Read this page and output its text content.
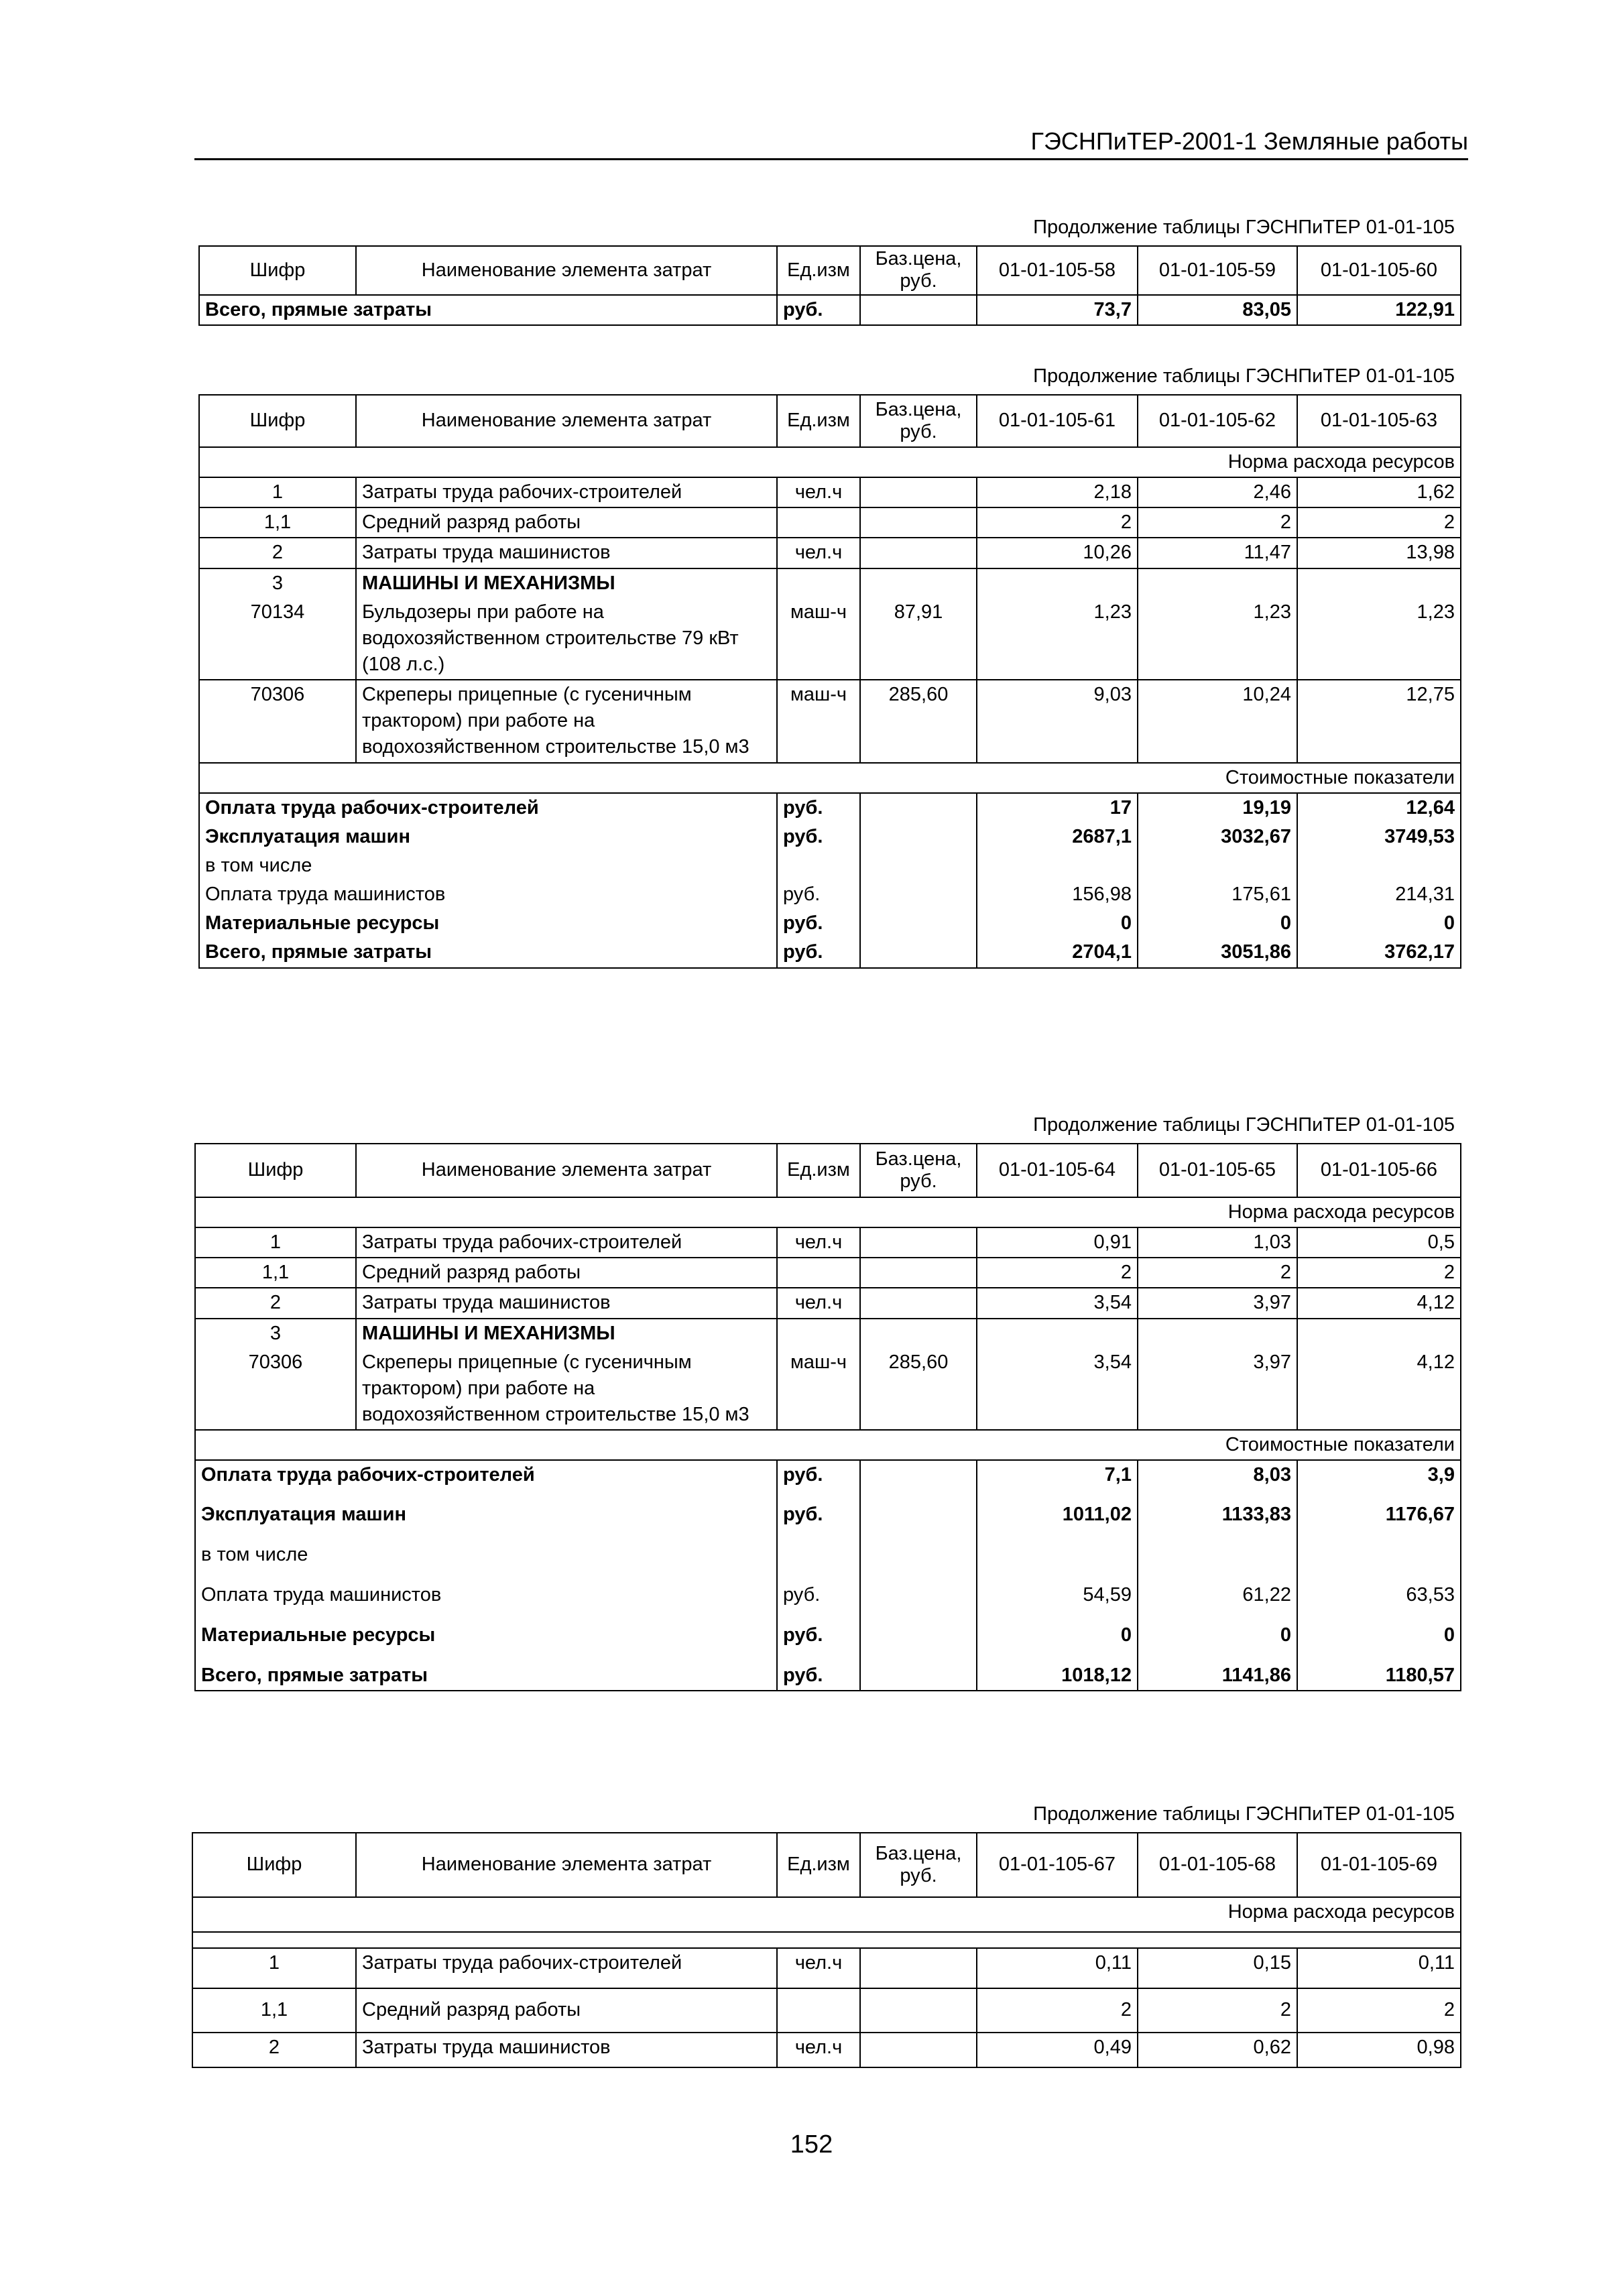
ГЭСНПиТЕР-2001-1 Земляные работы
Продолжение таблицы ГЭСНПиТЕР 01-01-105
Шифр	Наименование элемента затрат	Ед.изм	Баз.цена, руб.	01-01-105-58	01-01-105-59	01-01-105-60
Всего, прямые затраты		руб.		73,7	83,05	122,91
Продолжение таблицы ГЭСНПиТЕР 01-01-105
Шифр	Наименование элемента затрат	Ед.изм	Баз.цена, руб.	01-01-105-61	01-01-105-62	01-01-105-63
Норма расхода ресурсов						
1	Затраты труда рабочих-строителей	чел.ч		2,18	2,46	1,62
1,1	Средний разряд работы			2	2	2
2	Затраты труда машинистов	чел.ч		10,26	11,47	13,98
3	МАШИНЫ И МЕХАНИЗМЫ					
70134	Бульдозеры при работе на водохозяйственном строительстве 79 кВт (108 л.с.)	маш-ч	87,91	1,23	1,23	1,23
70306	Скреперы прицепные (с гусеничным трактором) при работе на водохозяйственном строительстве 15,0 м3	маш-ч	285,60	9,03	10,24	12,75
Стоимостные показатели						
Оплата труда рабочих-строителей		руб.		17	19,19	12,64
Эксплуатация машин		руб.		2687,1	3032,67	3749,53
в том числе						
Оплата труда машинистов		руб.		156,98	175,61	214,31
Материальные ресурсы		руб.		0	0	0
Всего, прямые затраты		руб.		2704,1	3051,86	3762,17
Продолжение таблицы ГЭСНПиТЕР 01-01-105
Шифр	Наименование элемента затрат	Ед.изм	Баз.цена, руб.	01-01-105-64	01-01-105-65	01-01-105-66
Норма расхода ресурсов						
1	Затраты труда рабочих-строителей	чел.ч		0,91	1,03	0,5
1,1	Средний разряд работы			2	2	2
2	Затраты труда машинистов	чел.ч		3,54	3,97	4,12
3	МАШИНЫ И МЕХАНИЗМЫ					
70306	Скреперы прицепные (с гусеничным трактором) при работе на водохозяйственном строительстве 15,0 м3	маш-ч	285,60	3,54	3,97	4,12
Стоимостные показатели						
Оплата труда рабочих-строителей		руб.		7,1	8,03	3,9
Эксплуатация машин		руб.		1011,02	1133,83	1176,67
в том числе						
Оплата труда машинистов		руб.		54,59	61,22	63,53
Материальные ресурсы		руб.		0	0	0
Всего, прямые затраты		руб.		1018,12	1141,86	1180,57
Продолжение таблицы ГЭСНПиТЕР 01-01-105
Шифр	Наименование элемента затрат	Ед.изм	Баз.цена, руб.	01-01-105-67	01-01-105-68	01-01-105-69
Норма расхода ресурсов						

1	Затраты труда рабочих-строителей	чел.ч		0,11	0,15	0,11
1,1	Средний разряд работы			2	2	2
2	Затраты труда машинистов	чел.ч		0,49	0,62	0,98
152
